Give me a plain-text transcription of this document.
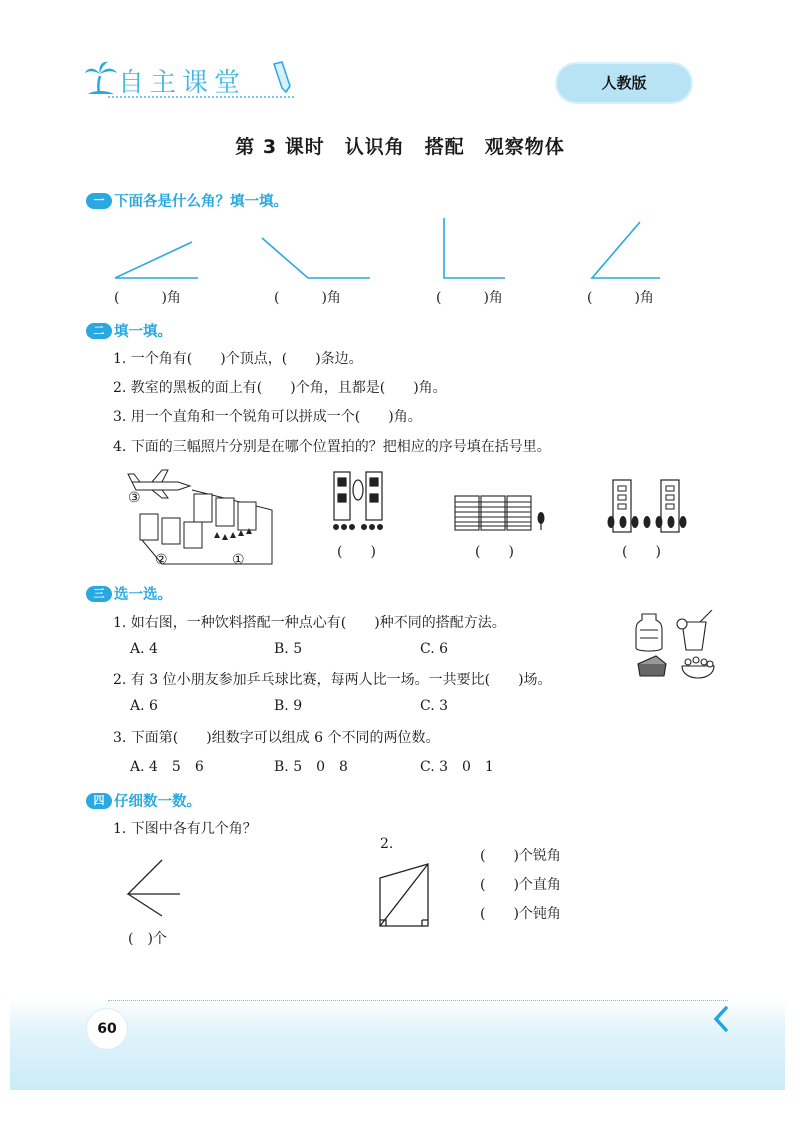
自主课堂	人教版
第 3 课时　认识角　搭配　观察物体
一 下面各是什么角？填一填。
(　　　)角	(　　　)角	(　　　)角	(　　　)角
二 填一填。
1. 一个角有(　　)个顶点，(　　)条边。
2. 教室的黑板的面上有(　　)个角，且都是(　　)角。
3. 用一个直角和一个锐角可以拼成一个(　　)角。
4. 下面的三幅照片分别是在哪个位置拍的？把相应的序号填在括号里。
③
②	①	(　　)	(　　)	(　　)
三 选一选。
1. 如右图，一种饮料搭配一种点心有(　　)种不同的搭配方法。
A. 4	B. 5	C. 6
2. 有 3 位小朋友参加乒乓球比赛，每两人比一场。一共要比(　　)场。
A. 6	B. 9	C. 3
3. 下面第(　　)组数字可以组成 6 个不同的两位数。
A. 4　5　6	B. 5　0　8	C. 3　0　1
四 仔细数一数。
1. 下图中各有几个角？
(　)个
2.
(　　)个锐角
(　　)个直角
(　　)个钝角
60
